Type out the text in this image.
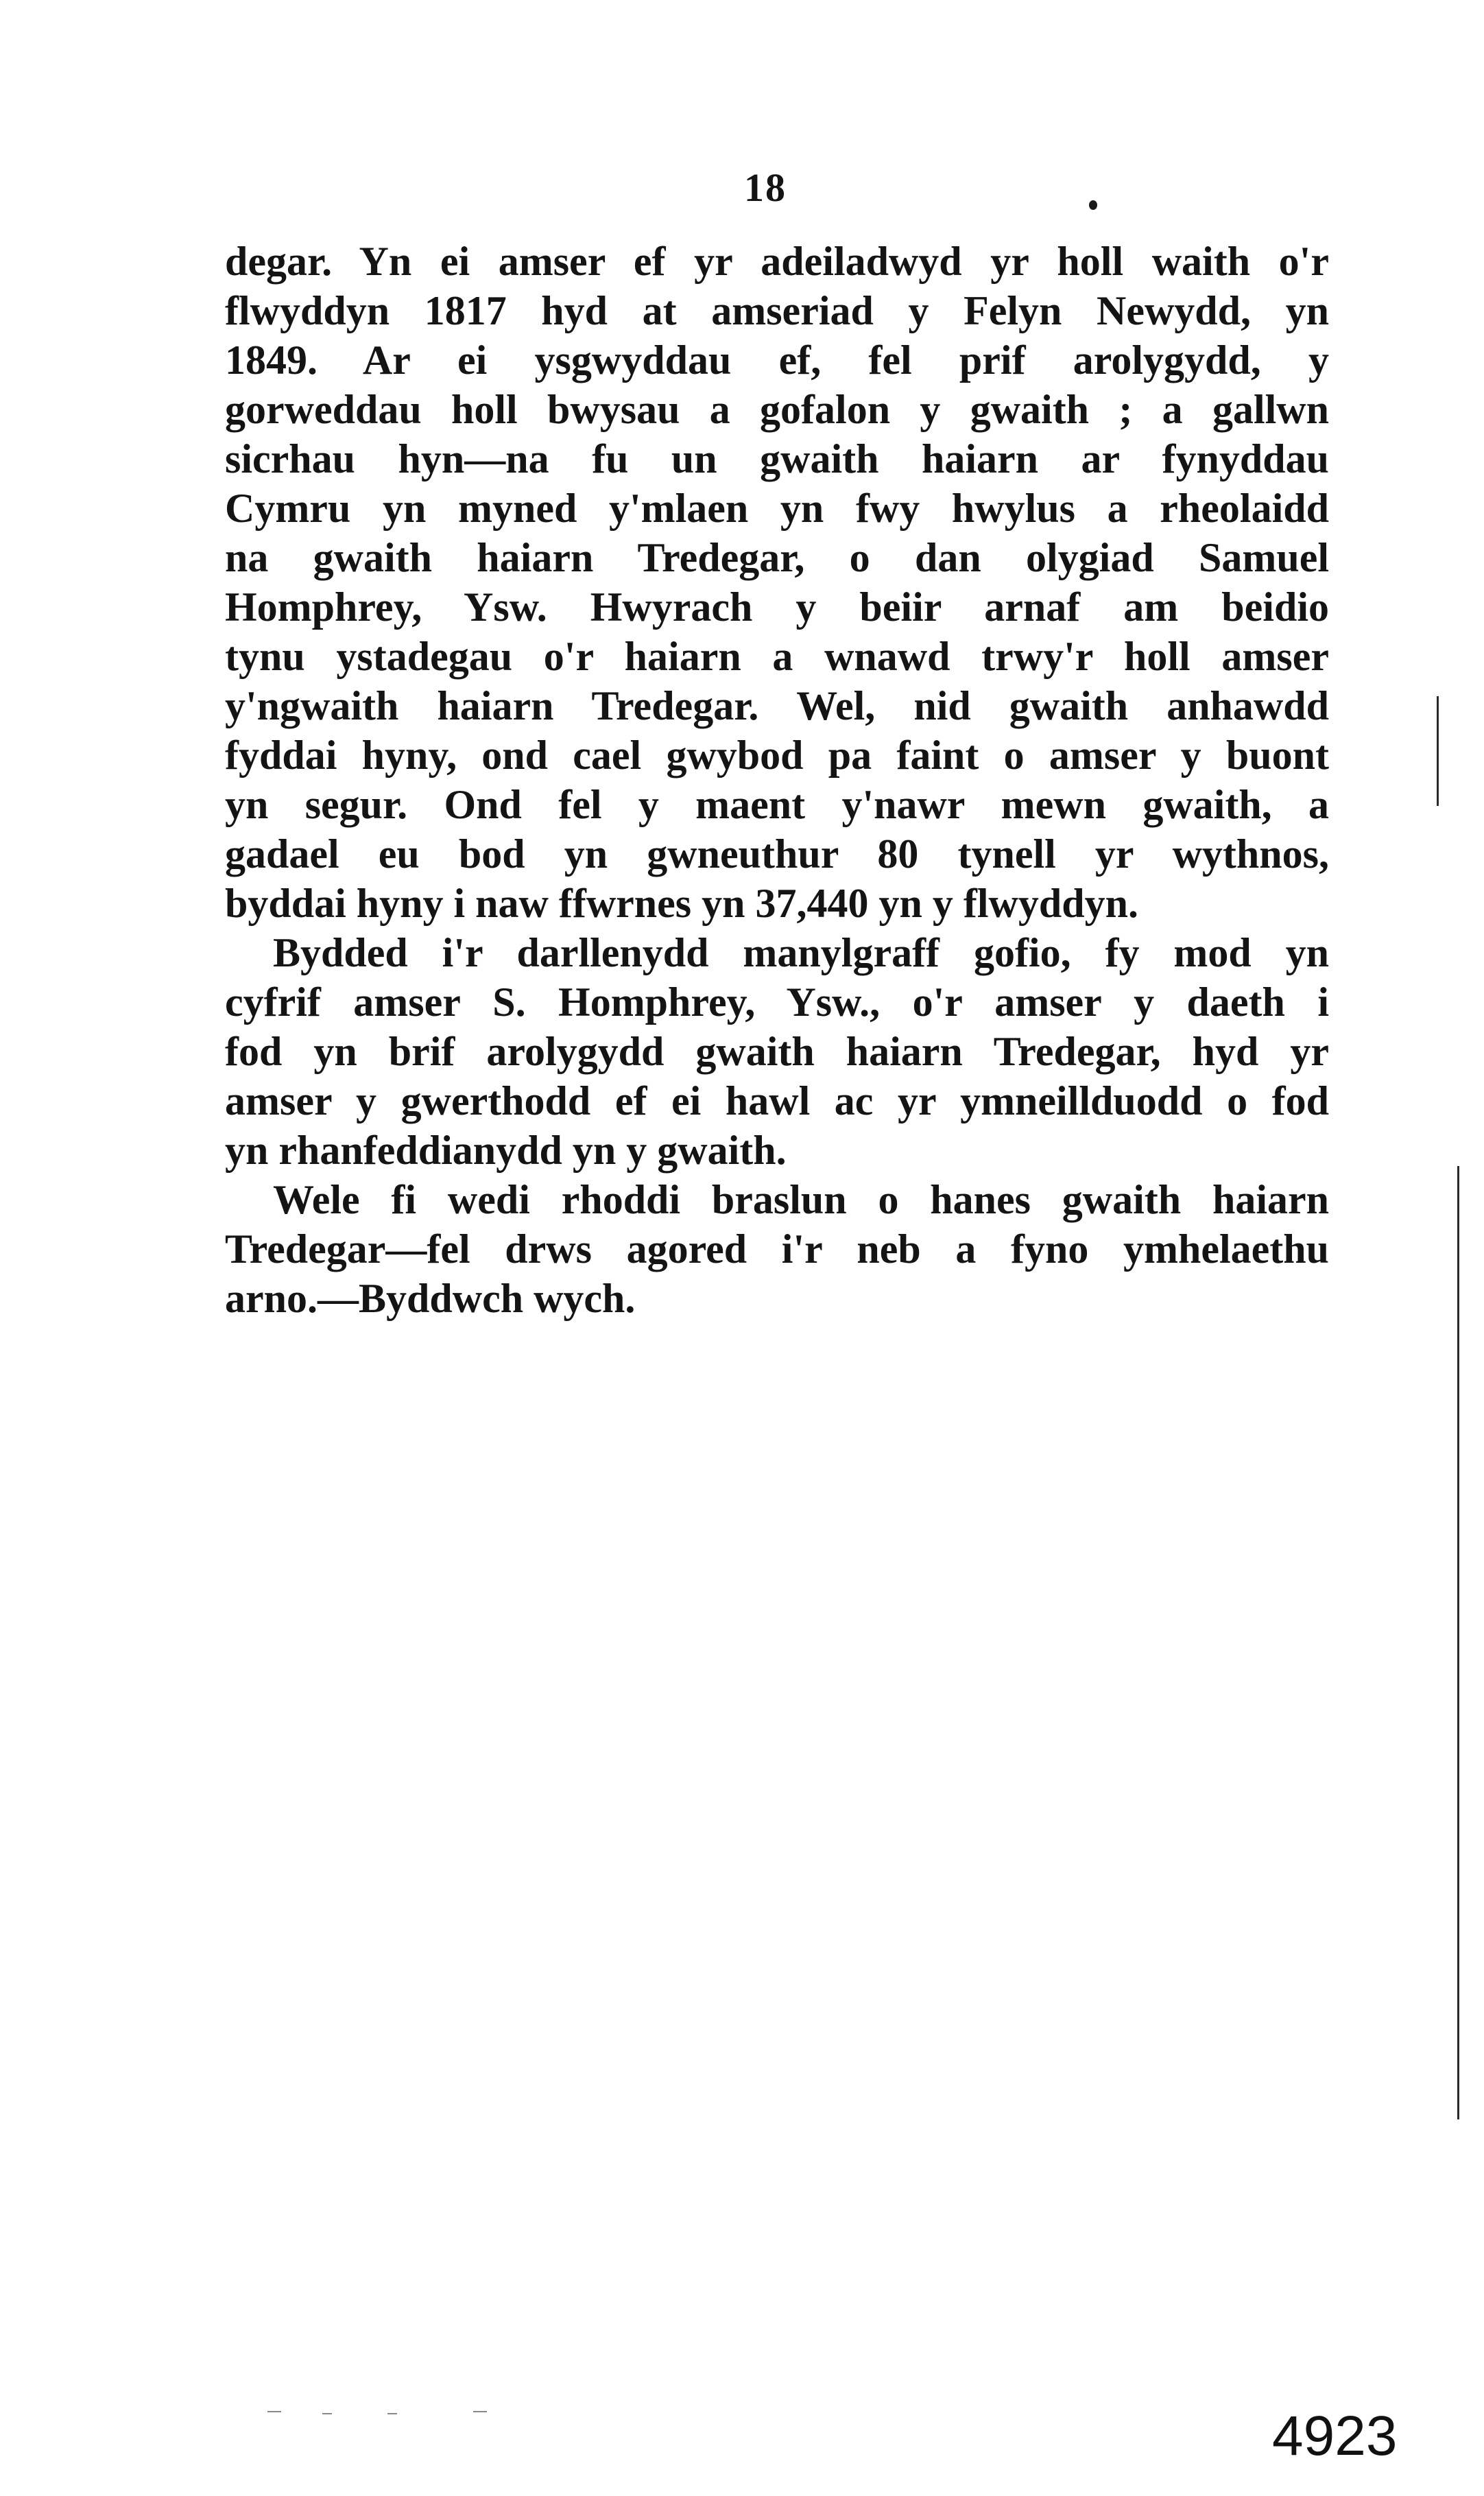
18
degar. Yn ei amser ef yr adeiladwyd yr holl waith o'r
flwyddyn 1817 hyd at amseriad y Felyn Newydd, yn
1849. Ar ei ysgwyddau ef, fel prif arolygydd, y
gorweddau holl bwysau a gofalon y gwaith ; a gallwn
sicrhau hyn—na fu un gwaith haiarn ar fynyddau
Cymru yn myned y'mlaen yn fwy hwylus a rheolaidd
na gwaith haiarn Tredegar, o dan olygiad Samuel
Homphrey, Ysw. Hwyrach y beiir arnaf am beidio
tynu ystadegau o'r haiarn a wnawd trwy'r holl amser
y'ngwaith haiarn Tredegar. Wel, nid gwaith anhawdd
fyddai hyny, ond cael gwybod pa faint o amser y buont
yn segur. Ond fel y maent y'nawr mewn gwaith, a
gadael eu bod yn gwneuthur 80 tynell yr wythnos,
byddai hyny i naw ffwrnes yn 37,440 yn y flwyddyn.
Bydded i'r darllenydd manylgraff gofio, fy mod yn
cyfrif amser S. Homphrey, Ysw., o'r amser y daeth i
fod yn brif arolygydd gwaith haiarn Tredegar, hyd yr
amser y gwerthodd ef ei hawl ac yr ymneillduodd o fod
yn rhanfeddianydd yn y gwaith.
Wele fi wedi rhoddi braslun o hanes gwaith haiarn
Tredegar—fel drws agored i'r neb a fyno ymhelaethu
arno.—Byddwch wych.
4923
